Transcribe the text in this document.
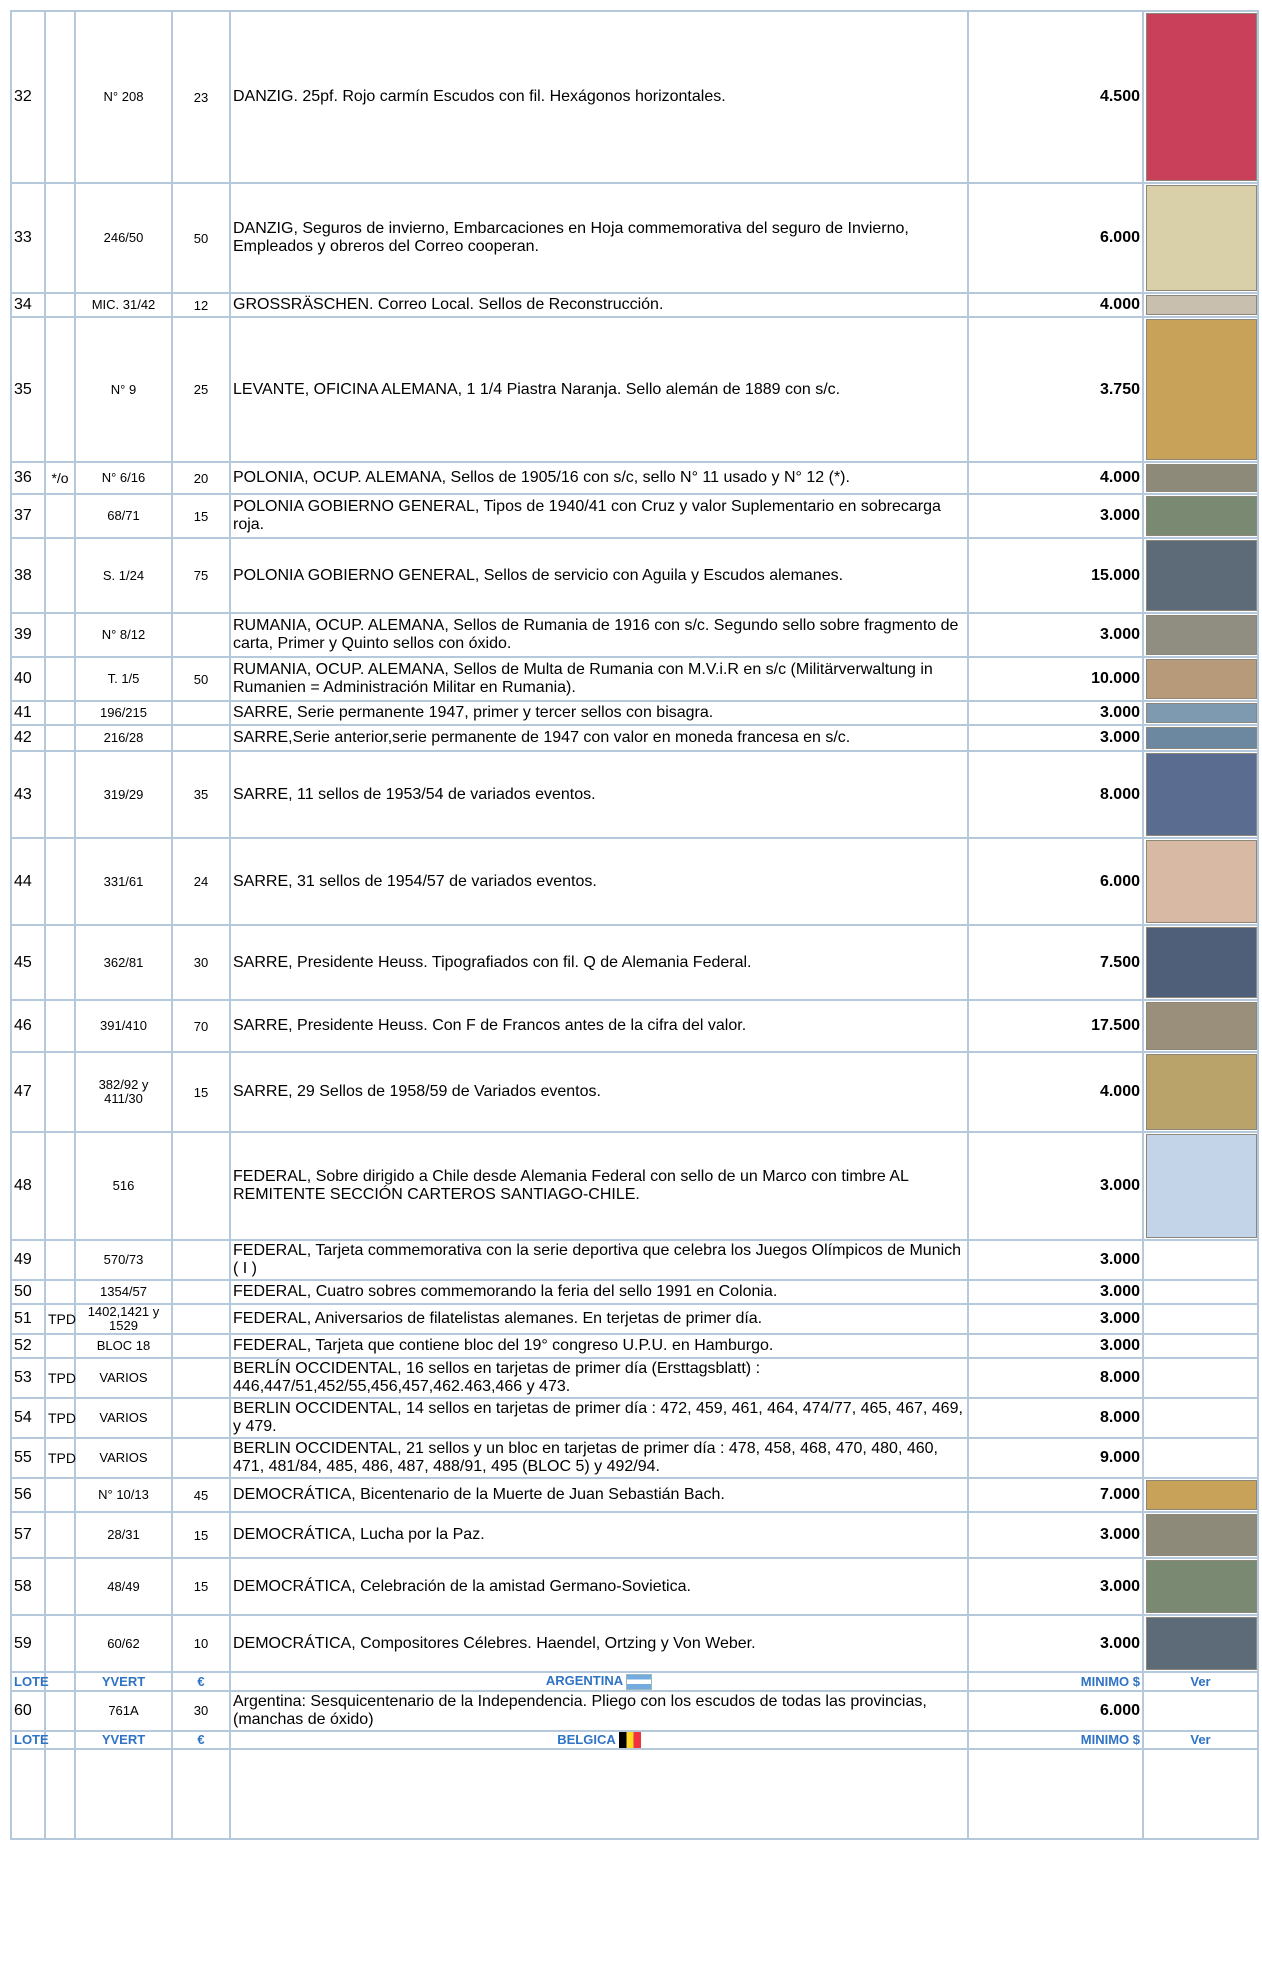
32		N° 208	23	DANZIG. 25pf. Rojo carmín Escudos con fil. Hexágonos horizontales.	4.500	

33		246/50	50	DANZIG, Seguros de invierno, Embarcaciones en Hoja commemorativa del seguro de Invierno, Empleados y obreros del Correo cooperan.	6.000	

34		MIC. 31/42	12	GROSSRÄSCHEN. Correo Local. Sellos de Reconstrucción.	4.000	

35		N° 9	25	LEVANTE, OFICINA ALEMANA, 1 1/4 Piastra Naranja. Sello alemán de 1889 con s/c.	3.750	

36	*/o	N° 6/16	20	POLONIA, OCUP. ALEMANA, Sellos de 1905/16 con s/c, sello N° 11 usado y N° 12 (*).	4.000	

37		68/71	15	POLONIA GOBIERNO GENERAL, Tipos de 1940/41 con Cruz y valor Suplementario en sobrecarga roja.	3.000	

38		S. 1/24	75	POLONIA GOBIERNO GENERAL, Sellos de servicio con Aguila y Escudos alemanes.	15.000	

39		N° 8/12		RUMANIA, OCUP. ALEMANA, Sellos de Rumania de 1916 con s/c. Segundo sello sobre fragmento de carta, Primer y Quinto sellos con óxido.	3.000	

40		T. 1/5	50	RUMANIA, OCUP. ALEMANA, Sellos de Multa de Rumania con M.V.i.R en s/c (Militärverwaltung in Rumanien = Administración Militar en Rumania).	10.000	

41		196/215		SARRE, Serie permanente 1947, primer y tercer sellos con bisagra.	3.000	

42		216/28		SARRE,Serie anterior,serie permanente de 1947 con valor en moneda francesa en s/c.	3.000	

43		319/29	35	SARRE, 11 sellos de 1953/54 de variados eventos.	8.000	

44		331/61	24	SARRE, 31 sellos de 1954/57 de variados eventos.	6.000	

45		362/81	30	SARRE, Presidente Heuss. Tipografiados con fil. Q de Alemania Federal.	7.500	

46		391/410	70	SARRE, Presidente Heuss. Con F de Francos antes de la cifra del valor.	17.500	

47		382/92 y 411/30	15	SARRE, 29 Sellos de 1958/59 de Variados eventos.	4.000	

48		516		FEDERAL, Sobre dirigido a Chile desde Alemania Federal con sello de un Marco con timbre AL REMITENTE SECCIÓN CARTEROS SANTIAGO-CHILE.	3.000	

49		570/73		FEDERAL, Tarjeta commemorativa con la serie deportiva que celebra los Juegos Olímpicos de Munich ( I )	3.000	
50		1354/57		FEDERAL, Cuatro sobres commemorando la feria del sello 1991 en Colonia.	3.000	
51	TPD	1402,1421 y 1529		FEDERAL, Aniversarios de filatelistas alemanes. En terjetas de primer día.	3.000	
52		BLOC 18		FEDERAL, Tarjeta que contiene bloc del 19° congreso U.P.U. en Hamburgo.	3.000	
53	TPD	VARIOS		BERLÍN OCCIDENTAL, 16 sellos en tarjetas de primer día (Ersttagsblatt) : 446,447/51,452/55,456,457,462.463,466 y 473.	8.000	
54	TPD	VARIOS		BERLIN OCCIDENTAL, 14 sellos en tarjetas de primer día : 472, 459, 461, 464, 474/77, 465, 467, 469, y 479.	8.000	
55	TPD	VARIOS		BERLIN OCCIDENTAL, 21 sellos y un bloc en tarjetas de primer día : 478, 458, 468, 470, 480, 460, 471, 481/84, 485, 486, 487, 488/91, 495 (BLOC 5) y 492/94.	9.000	
56		N° 10/13	45	DEMOCRÁTICA, Bicentenario de la Muerte de Juan Sebastián Bach.	7.000	

57		28/31	15	DEMOCRÁTICA, Lucha por la Paz.	3.000	

58		48/49	15	DEMOCRÁTICA, Celebración de la amistad Germano-Sovietica.	3.000	

59		60/62	10	DEMOCRÁTICA, Compositores Célebres. Haendel, Ortzing y Von Weber.	3.000	

LOTE		YVERT	€	ARGENTINA	MINIMO $	Ver
60		761A	30	Argentina: Sesquicentenario de la Independencia. Pliego con los escudos de todas las provincias, (manchas de óxido)	6.000	
LOTE		YVERT	€	BELGICA	MINIMO $	Ver
